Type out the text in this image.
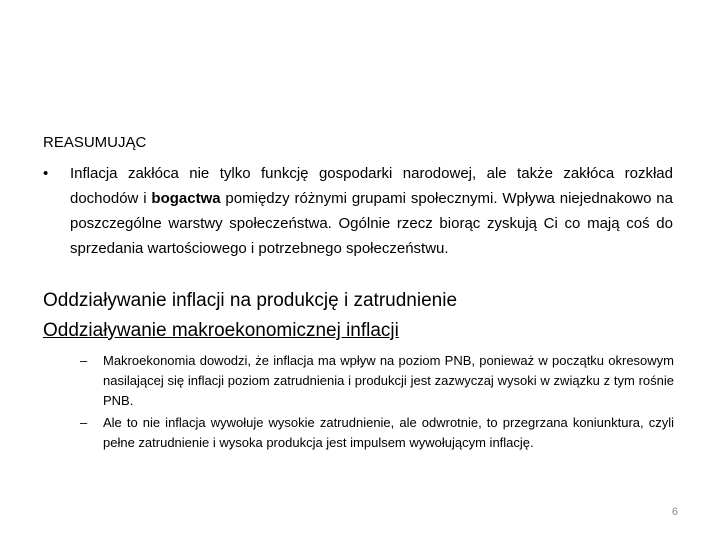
REASUMUJĄC
•	Inflacja zakłóca nie tylko funkcję gospodarki narodowej, ale także zakłóca rozkład dochodów i bogactwa pomiędzy różnymi grupami społecznymi. Wpływa niejednakowo na poszczególne warstwy społeczeństwa. Ogólnie rzecz biorąc zyskują Ci co mają coś do sprzedania wartościowego i potrzebnego społeczeństwu.
Oddziaływanie inflacji na produkcję i zatrudnienie
Oddziaływanie makroekonomicznej inflacji
–	Makroekonomia dowodzi, że inflacja ma wpływ na poziom PNB, ponieważ w początku okresowym nasilającej się inflacji poziom zatrudnienia i produkcji jest zazwyczaj wysoki w związku z tym rośnie PNB.
–	Ale to nie inflacja wywołuje wysokie zatrudnienie, ale odwrotnie, to przegrzana koniunktura, czyli pełne zatrudnienie i wysoka produkcja jest impulsem wywołującym inflację.
6
